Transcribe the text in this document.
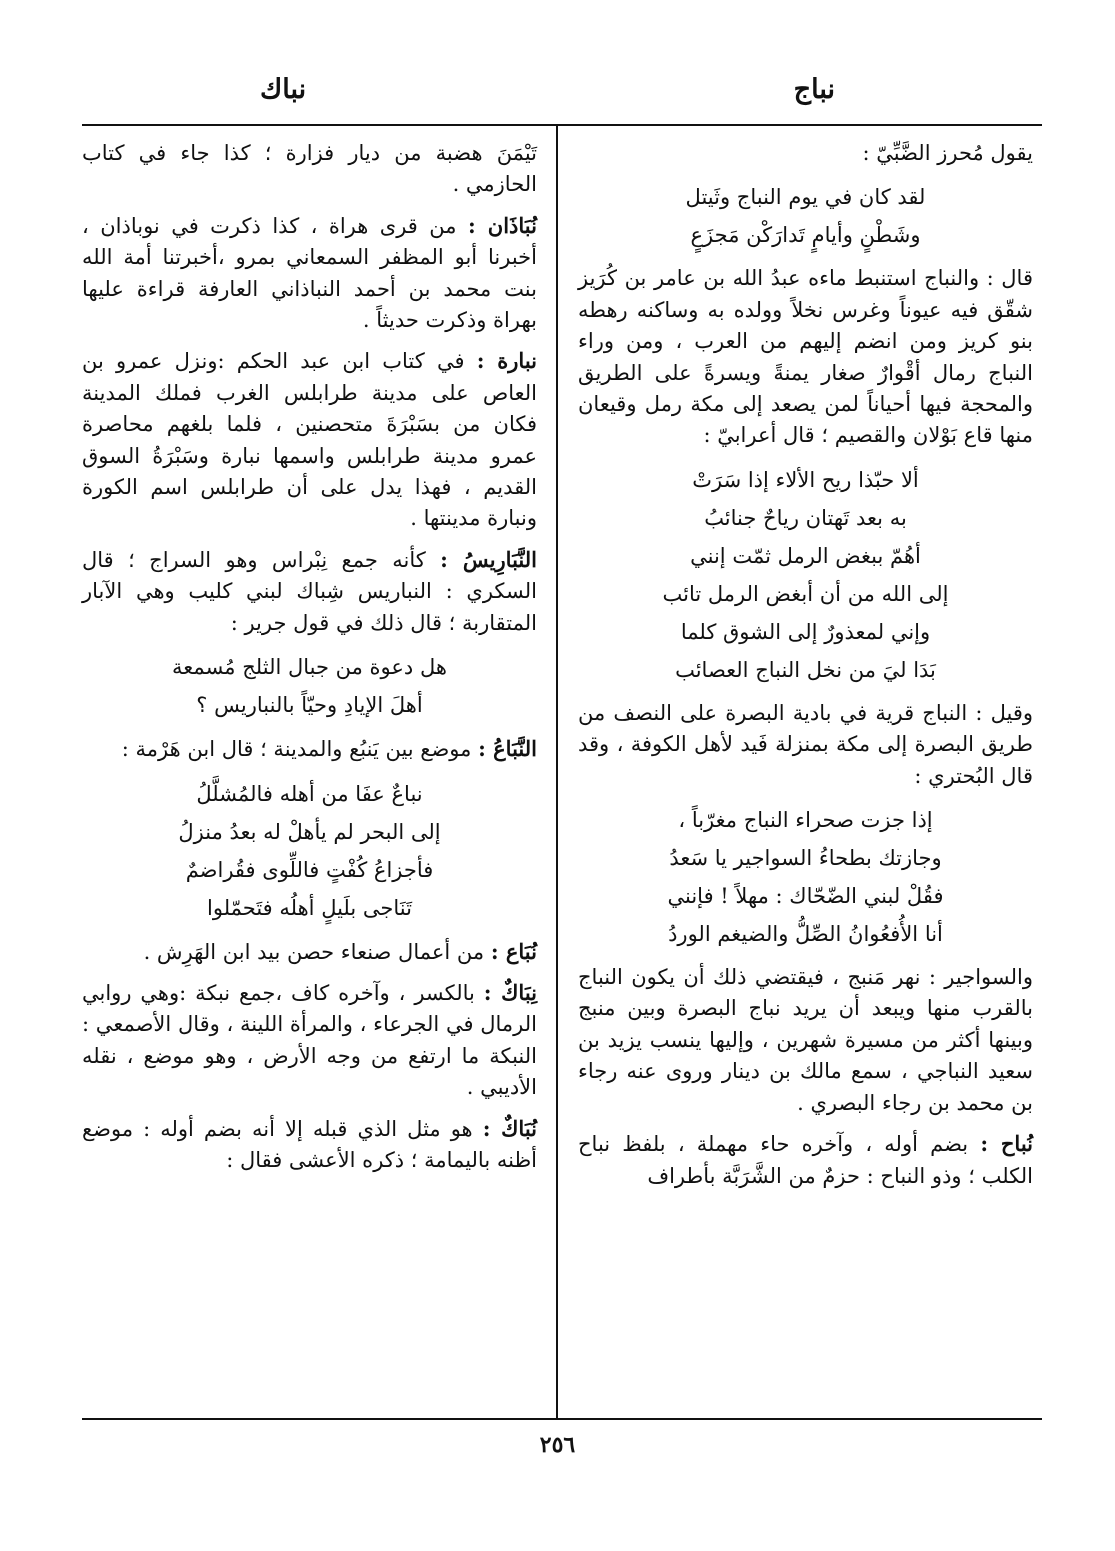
نباج
نباك
يقول مُحرز الضَّبِّيّ :
لقد كان في يوم النباج وثَيتل
وشَطْنٍ وأيامٍ تَدارَكْن مَجزَعٍ
قال : والنباج استنبط ماءه عبدُ الله بن عامر بن كُرَيز شقّق فيه عيوناً وغرس نخلاً وولده به وساكنه رهطه بنو كريز ومن انضم إليهم من العرب ، ومن وراء النباج رمال أقْوارٌ صغار يمنةً ويسرةً على الطريق والمحجة فيها أحياناً لمن يصعد إلى مكة رمل وقيعان منها قاع بَوْلان والقصيم ؛ قال أعرابيّ :
ألا حبّذا ريح الألاء إذا سَرَتْ
به بعد تَهتان رياحٌ جنائبُ
أهُمّ ببغض الرمل ثمّت إنني
إلى الله من أن أبغض الرمل تائب
وإني لمعذورٌ إلى الشوق كلما
بَدَا ليَ من نخل النباج العصائب
وقيل : النباج قرية في بادية البصرة على النصف من طريق البصرة إلى مكة بمنزلة فَيد لأهل الكوفة ، وقد قال البُحتري :
إذا جزت صحراء النباج مغرّباً ،
وجازتك بطحاءُ السواجير يا سَعدُ
فقُلْ لبني الضّحّاك : مهلاً ! فإنني
أنا الأُفعُوانُ الصِّلُّ والضيغم الوردُ
والسواجير : نهر مَنبج ، فيقتضي ذلك أن يكون النباج بالقرب منها ويبعد أن يريد نباج البصرة وبين منبج وبينها أكثر من مسيرة شهرين ، وإليها ينسب يزيد بن سعيد النباجي ، سمع مالك بن دينار وروى عنه رجاء بن محمد بن رجاء البصري .
نُباح : بضم أوله ، وآخره حاء مهملة ، بلفظ نباح الكلب ؛ وذو النباح : حزمٌ من الشَّرَبَّة بأطراف
تَيْمَنَ هضبة من ديار فزارة ؛ كذا جاء في كتاب الحازمي .
نُبَاذَان : من قرى هراة ، كذا ذكرت في نوباذان ، أخبرنا أبو المظفر السمعاني بمرو ،أخبرتنا أمة الله بنت محمد بن أحمد النباذاني العارفة قراءة عليها بهراة وذكرت حديثاً .
نبارة : في كتاب ابن عبد الحكم :ونزل عمرو بن العاص على مدينة طرابلس الغرب فملك المدينة فكان من بسَبْرَةَ متحصنين ، فلما بلغهم محاصرة عمرو مدينة طرابلس واسمها نبارة وسَبْرَةُ السوق القديم ، فهذا يدل على أن طرابلس اسم الكورة ونبارة مدينتها .
النَّبَارِيسُ : كأنه جمع نِبْراس وهو السراج ؛ قال السكري : النباريس شِباك لبني كليب وهي الآبار المتقاربة ؛ قال ذلك في قول جرير :
هل دعوة من جبال الثلج مُسمعة
أهلَ الإيادِ وحيّاً بالنباريس ؟
النَّبَاعُ : موضع بين يَنبُع والمدينة ؛ قال ابن هَرْمة :
نباعٌ عفَا من أهله فالمُشلَّلُ
إلى البحر لم يأهلْ له بعدُ منزلُ
فأجزاعُ كُفْتٍ فاللِّوى فقُراضمٌ
تَنَاجى بلَيلٍ أهلُه فتَحمّلوا
نُبَاع : من أعمال صنعاء حصن بيد ابن الهَرِش .
نِبَاكٌ : بالكسر ، وآخره كاف ،جمع نبكة :وهي روابي الرمال في الجرعاء ، والمرأة اللينة ، وقال الأصمعي : النبكة ما ارتفع من وجه الأرض ، وهو موضع ، نقله الأديبي .
نُبَاكٌ : هو مثل الذي قبله إلا أنه بضم أوله : موضع أظنه باليمامة ؛ ذكره الأعشى فقال :
٢٥٦
